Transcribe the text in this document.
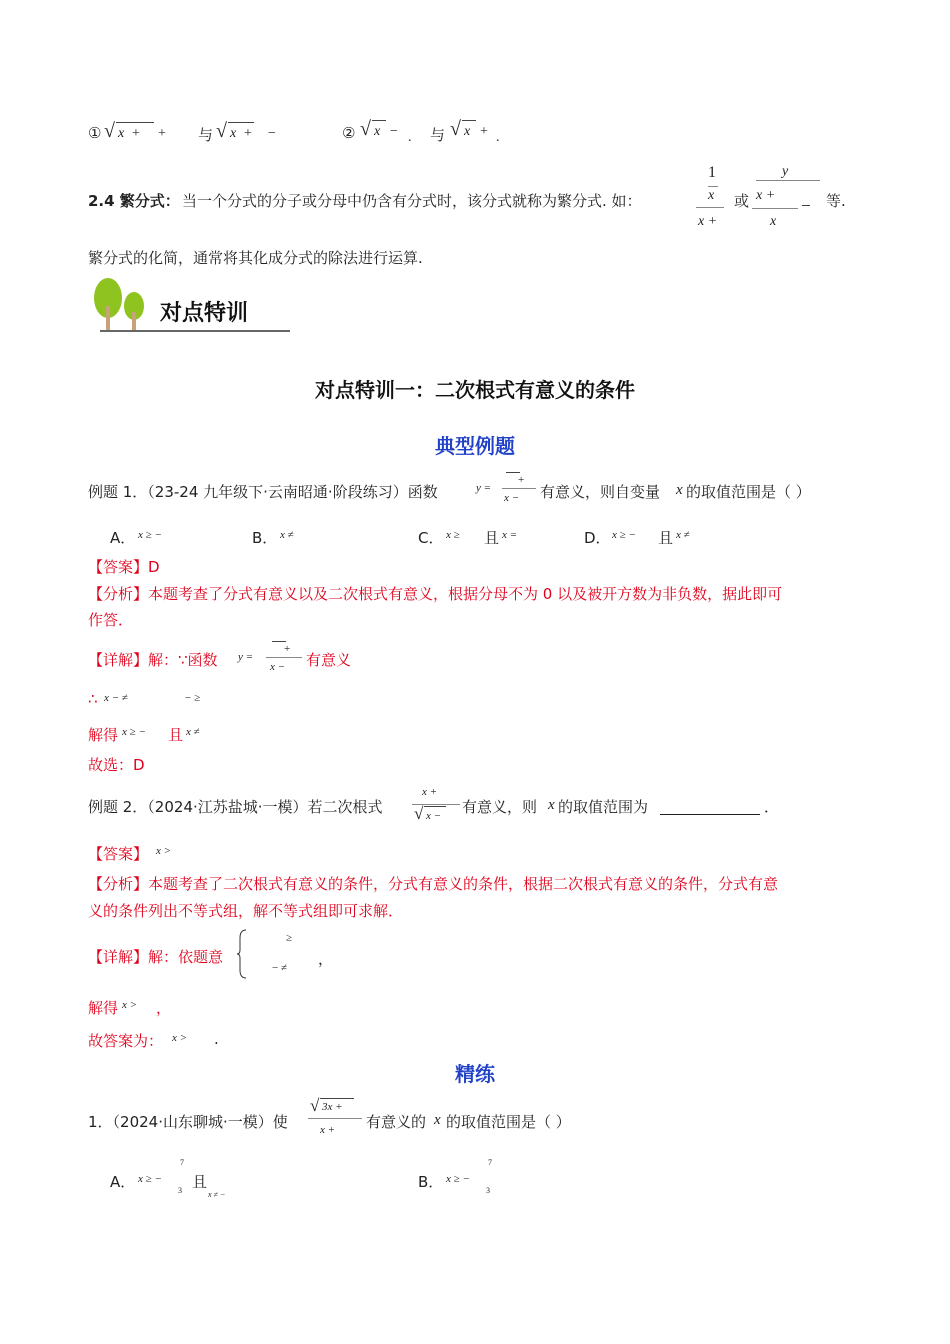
① √ x + + 与 √ x + −	② √ x − . 与 √ x + .
2.4 繁分式： 当一个分式的分子或分母中仍含有分式时，该分式就称为繁分式. 如：
1
x
x +
或
y
x +
x
等.
繁分式的化简，通常将其化成分式的除法进行运算.
对点特训
对点特训一：二次根式有意义的条件
典型例题
例题 1．（23-24 九年级下·云南昭通·阶段练习）函数	y =
+
x − 有意义，则自变量 x 的取值范围是（ ）
A． x ≥ −	B． x ≠	C． x ≥ 且 x =	D． x ≥ − 且 x ≠
【答案】D
【分析】本题考查了分式有意义以及二次根式有意义，根据分母不为 0 以及被开方数为非负数，据此即可
作答．
【详解】解：∵函数 y =
+
x − 有意义
∴ x − ≠	− ≥
解得 x ≥ − 且 x ≠
故选：D
例题 2．（2024·江苏盐城·一模）若二次根式
x +
√ x − 有意义，则 x 的取值范围为	．
【答案】 x >
【分析】本题考查了二次根式有意义的条件，分式有意义的条件，根据二次根式有意义的条件，分式有意
义的条件列出不等式组，解不等式组即可求解．
【详解】解：依题意
≥
− ≠ ，
解得 x > ，
故答案为： x > .
精练
1．（2024·山东聊城·一模）使
√ 3x +
x + 有意义的 x 的取值范围是（ ）
A． x ≥ −
7
3 且
x ≠ −
B． x ≥ −
7
3
